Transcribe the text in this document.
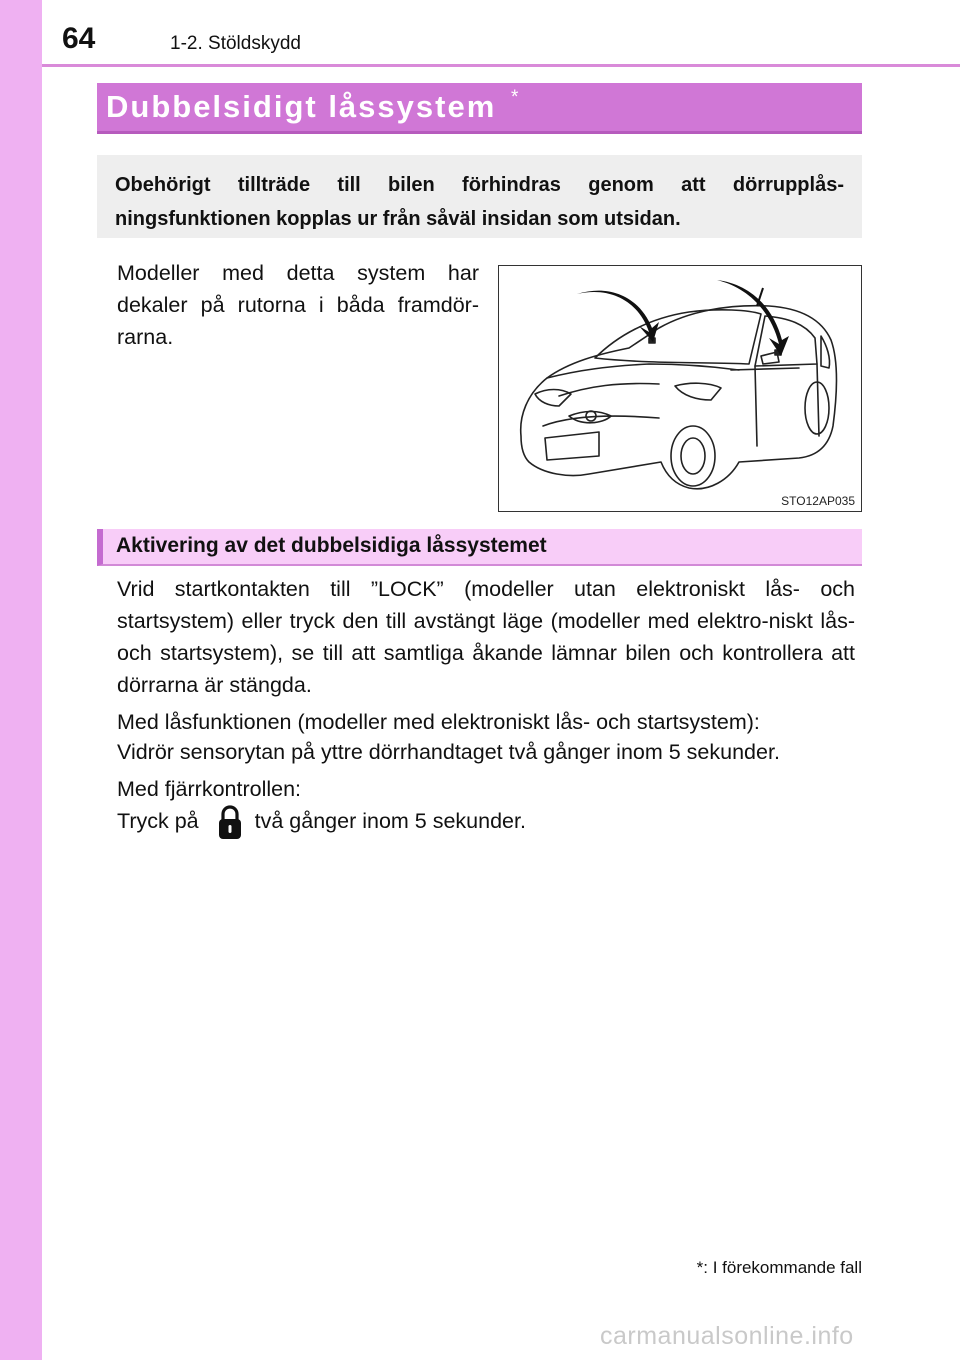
64	1-2. Stöldskydd
Dubbelsidigt låssystem *
Obehörigt tillträde till bilen förhindras genom att dörrupplås-ningsfunktionen kopplas ur från såväl insidan som utsidan.
Modeller med detta system har dekaler på rutorna i båda framdör-rarna.
STO12AP035
Aktivering av det dubbelsidiga låssystemet
Vrid startkontakten till ”LOCK” (modeller utan elektroniskt lås- och startsystem) eller tryck den till avstängt läge (modeller med elektro-niskt lås- och startsystem), se till att samtliga åkande lämnar bilen och kontrollera att dörrarna är stängda.
Med låsfunktionen (modeller med elektroniskt lås- och startsystem):
Vidrör sensorytan på yttre dörrhandtaget två gånger inom 5 sekunder.
Med fjärrkontrollen:
Tryck på	två gånger inom 5 sekunder.
*: I förekommande fall
carmanualsonline.info
